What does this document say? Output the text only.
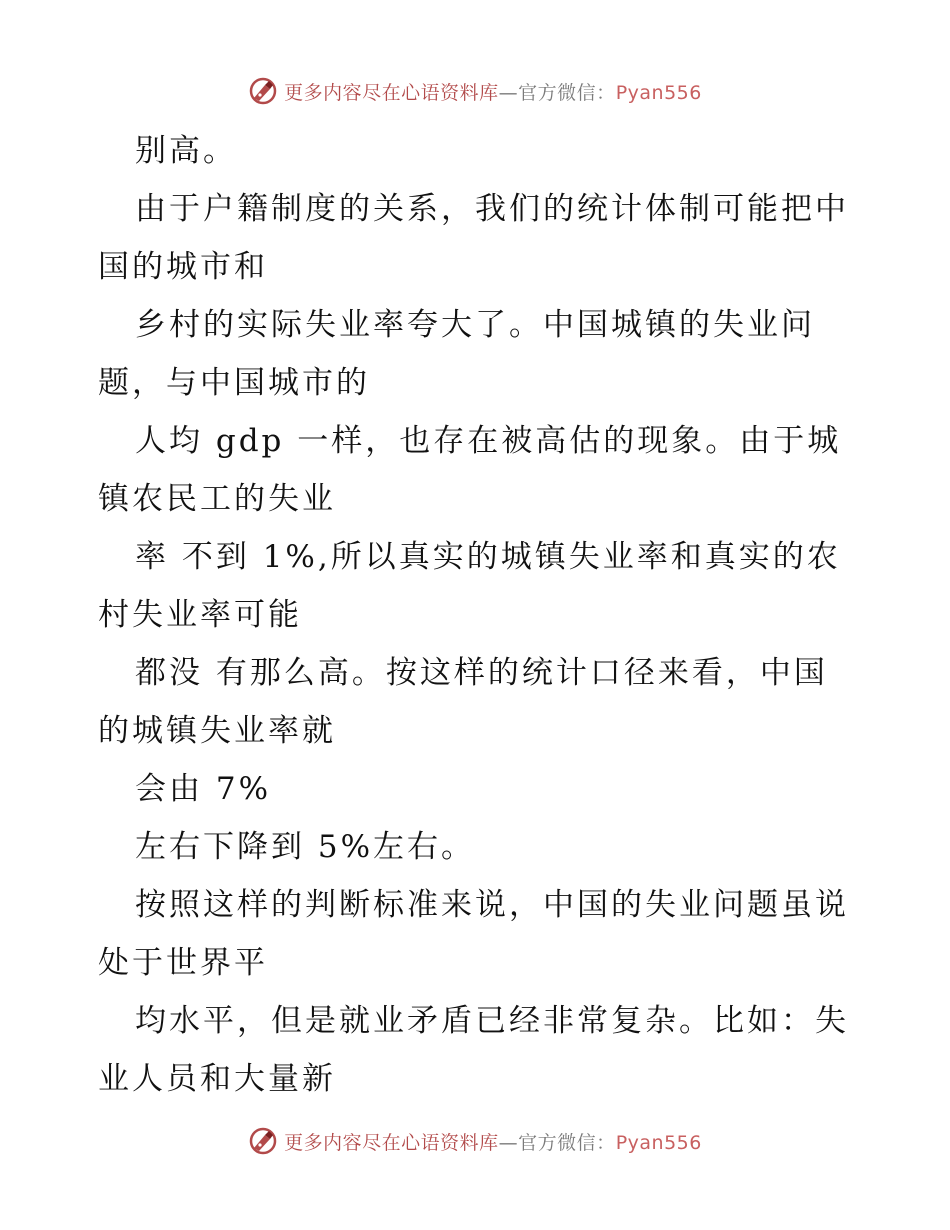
更多内容尽在心语资料库—官方微信：Pyan556

别高。

由于户籍制度的关系，我们的统计体制可能把中

国的城市和

乡村的实际失业率夸大了。中国城镇的失业问

题，与中国城市的

人均 gdp 一样，也存在被高估的现象。由于城

镇农民工的失业

率 不到 1%,所以真实的城镇失业率和真实的农

村失业率可能

都没 有那么高。按这样的统计口径来看，中国

的城镇失业率就

会由 7%

左右下降到 5%左右。

按照这样的判断标准来说，中国的失业问题虽说

处于世界平

均水平，但是就业矛盾已经非常复杂。比如：失

业人员和大量新

更多内容尽在心语资料库—官方微信：Pyan556
